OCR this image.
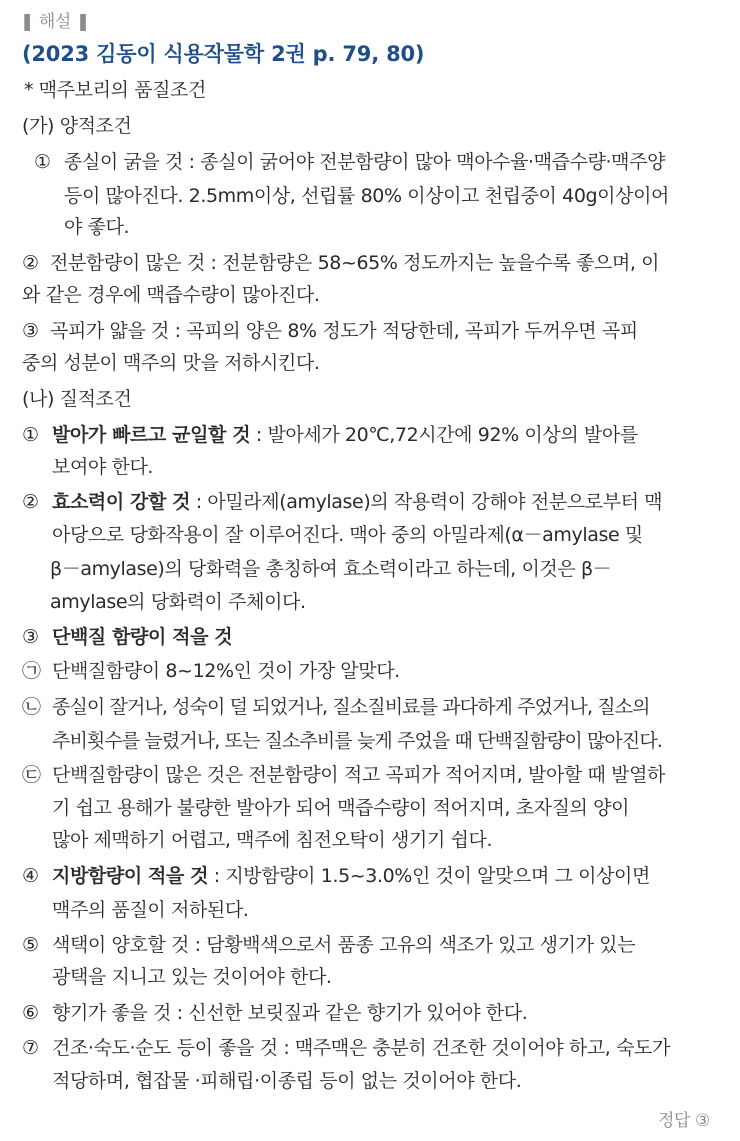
❚ 해설 ❚
(2023 김동이 식용작물학 2권 p. 79, 80)
* 맥주보리의 품질조건
(가) 양적조건
① 종실이 굵을 것 : 종실이 굵어야 전분함량이 많아 맥아수율·맥즙수량·맥주양
등이 많아진다. 2.5mm이상, 선립률 80% 이상이고 천립중이 40g이상이어
야 좋다.
② 전분함량이 많은 것 : 전분함량은 58~65% 정도까지는 높을수록 좋으며, 이
와 같은 경우에 맥즙수량이 많아진다.
③ 곡피가 얇을 것 : 곡피의 양은 8% 정도가 적당한데, 곡피가 두꺼우면 곡피
중의 성분이 맥주의 맛을 저하시킨다.
(나) 질적조건
① 발아가 빠르고 균일할 것 : 발아세가 20℃,72시간에 92% 이상의 발아를
보여야 한다.
② 효소력이 강할 것 : 아밀라제(amylase)의 작용력이 강해야 전분으로부터 맥
아당으로 당화작용이 잘 이루어진다. 맥아 중의 아밀라제(α－amylase 및
β－amylase)의 당화력을 총칭하여 효소력이라고 하는데, 이것은 β－
amylase의 당화력이 주체이다.
③ 단백질 함량이 적을 것
㉠ 단백질함량이 8~12%인 것이 가장 알맞다.
㉡ 종실이 잘거나, 성숙이 덜 되었거나, 질소질비료를 과다하게 주었거나, 질소의
추비횟수를 늘렸거나, 또는 질소추비를 늦게 주었을 때 단백질함량이 많아진다.
㉢ 단백질함량이 많은 것은 전분함량이 적고 곡피가 적어지며, 발아할 때 발열하
기 쉽고 용해가 불량한 발아가 되어 맥즙수량이 적어지며, 초자질의 양이
많아 제맥하기 어렵고, 맥주에 침전오탁이 생기기 쉽다.
④ 지방함량이 적을 것 : 지방함량이 1.5~3.0%인 것이 알맞으며 그 이상이면
맥주의 품질이 저하된다.
⑤ 색택이 양호할 것 : 담황백색으로서 품종 고유의 색조가 있고 생기가 있는
광택을 지니고 있는 것이어야 한다.
⑥ 향기가 좋을 것 : 신선한 보릿짚과 같은 향기가 있어야 한다.
⑦ 건조·숙도·순도 등이 좋을 것 : 맥주맥은 충분히 건조한 것이어야 하고, 숙도가
적당하며, 협잡물 ·피해립·이종립 등이 없는 것이어야 한다.
정답 ③
